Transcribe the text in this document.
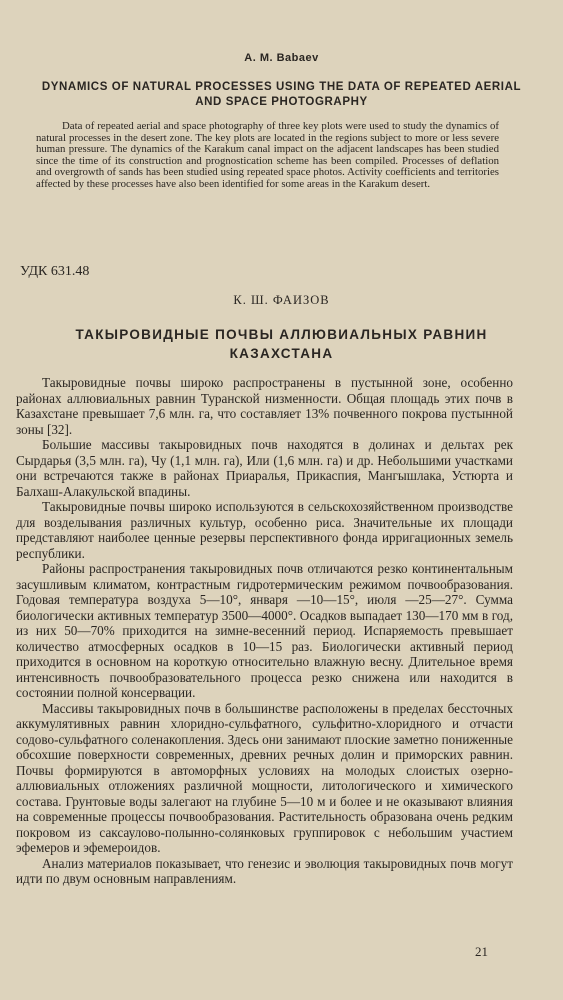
A. M. Babaev
DYNAMICS OF NATURAL PROCESSES USING THE DATA OF REPEATED AERIAL AND SPACE PHOTOGRAPHY
Data of repeated aerial and space photography of three key plots were used to study the dynamics of natural processes in the desert zone. The key plots are located in the regions subject to more or less severe human pressure. The dynamics of the Karakum canal impact on the adjacent landscapes has been studied since the time of its construction and prognostication scheme has been compiled. Processes of deflation and overgrowth of sands has been studied using repeated space photos. Activity coefficients and territories affected by these processes have also been identified for some areas in the Karakum desert.
УДК 631.48
К. Ш. ФАИЗОВ
ТАКЫРОВИДНЫЕ ПОЧВЫ АЛЛЮВИАЛЬНЫХ РАВНИН
КАЗАХСТАНА

Такыровидные почвы широко распространены в пустынной зоне, особенно районах аллювиальных равнин Туранской низменности. Общая площадь этих почв в Казахстане превышает 7,6 млн. га, что составляет 13% почвенного покрова пустынной зоны [32].

Большие массивы такыровидных почв находятся в долинах и дельтах рек Сырдарья (3,5 млн. га), Чу (1,1 млн. га), Или (1,6 млн. га) и др. Небольшими участками они встречаются также в районах Приаралья, Прикаспия, Мангышлака, Устюрта и Балхаш-Алакульской впадины.

Такыровидные почвы широко используются в сельскохозяйственном производстве для возделывания различных культур, особенно риса. Значительные их площади представляют наиболее ценные резервы перспективного фонда ирригационных земель республики.

Районы распространения такыровидных почв отличаются резко континентальным засушливым климатом, контрастным гидротермическим режимом почвообразования. Годовая температура воздуха 5—10°, января —10—15°, июля —25—27°. Сумма биологически активных температур 3500—4000°. Осадков выпадает 130—170 мм в год, из них 50—70% приходится на зимне-весенний период. Испаряемость превышает количество атмосферных осадков в 10—15 раз. Биологически активный период приходится в основном на короткую относительно влажную весну. Длительное время интенсивность почвообразовательного процесса резко снижена или находится в состоянии полной консервации.

Массивы такыровидных почв в большинстве расположены в пределах бессточных аккумулятивных равнин хлоридно-сульфатного, сульфитно-хлоридного и отчасти содово-сульфатного соленакопления. Здесь они занимают плоские заметно пониженные обсохшие поверхности современных, древних речных долин и приморских равнин. Почвы формируются в автоморфных условиях на молодых слоистых озерно-аллювиальных отложениях различной мощности, литологического и химического состава. Грунтовые воды залегают на глубине 5—10 м и более и не оказывают влияния на современные процессы почвообразования. Растительность образована очень редким покровом из саксаулово-полынно-солянковых группировок с небольшим участием эфемеров и эфемероидов.

Анализ материалов показывает, что генезис и эволюция такыровидных почв могут идти по двум основным направлениям.

21
